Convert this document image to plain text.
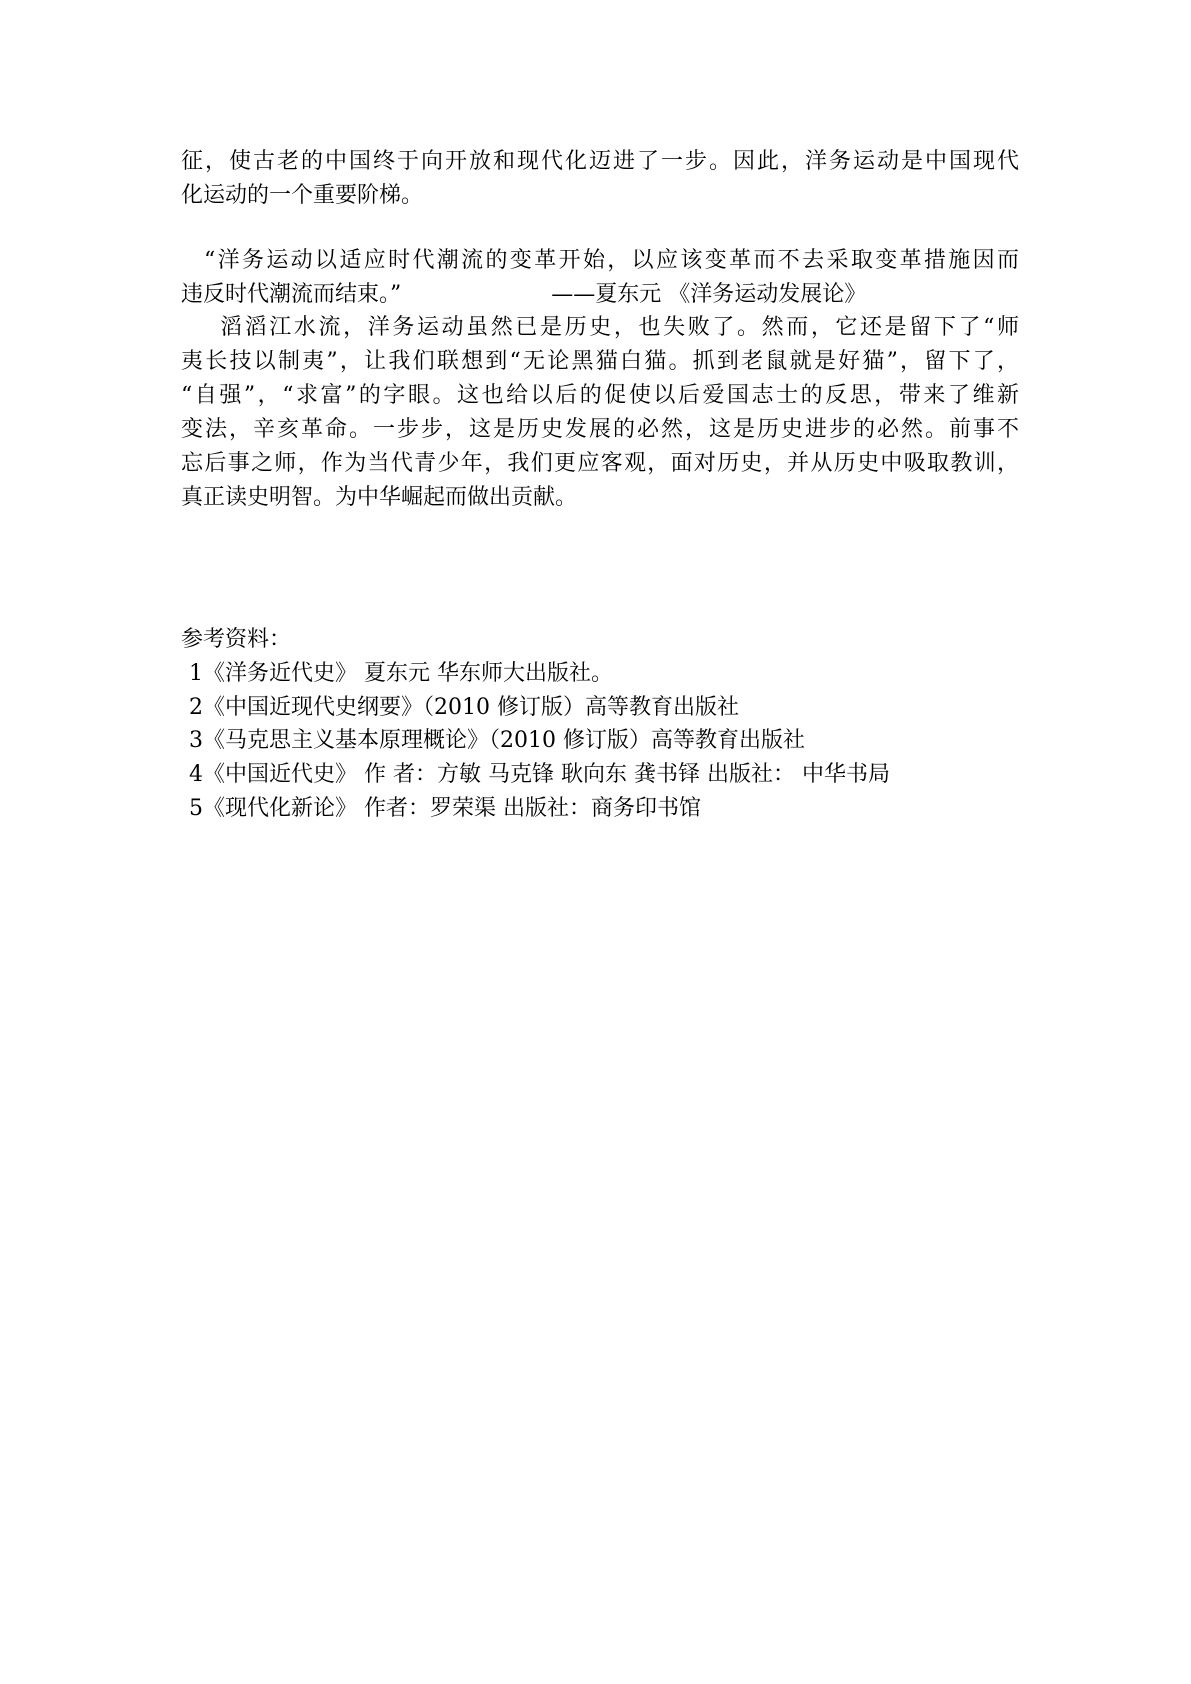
征，使古老的中国终于向开放和现代化迈进了一步。因此，洋务运动是中国现代
化运动的一个重要阶梯。
“洋务运动以适应时代潮流的变革开始，以应该变革而不去采取变革措施因而
违反时代潮流而结束。”	——夏东元 《洋务运动发展论》
滔滔江水流，洋务运动虽然已是历史，也失败了。然而，它还是留下了“师
夷长技以制夷”，让我们联想到“无论黑猫白猫。抓到老鼠就是好猫”，留下了，
“自强”，“求富”的字眼。这也给以后的促使以后爱国志士的反思，带来了维新
变法，辛亥革命。一步步，这是历史发展的必然，这是历史进步的必然。前事不
忘后事之师，作为当代青少年，我们更应客观，面对历史，并从历史中吸取教训，
真正读史明智。为中华崛起而做出贡献。
参考资料：
1《洋务近代史》 夏东元 华东师大出版社。
2《中国近现代史纲要》（2010 修订版）高等教育出版社
3《马克思主义基本原理概论》（2010 修订版）高等教育出版社
4《中国近代史》 作 者：方敏 马克锋 耿向东 龚书铎 出版社： 中华书局
5《现代化新论》 作者：罗荣渠 出版社：商务印书馆
